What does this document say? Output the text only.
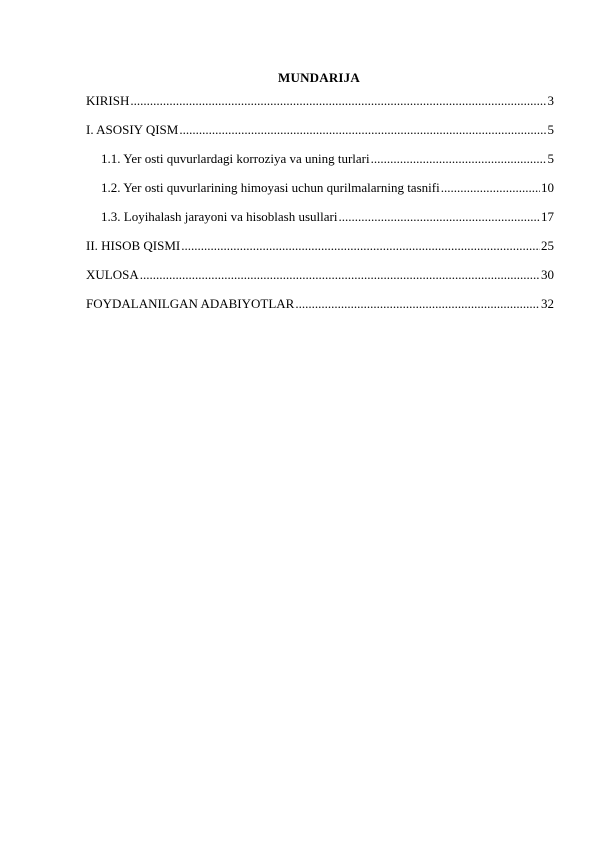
MUNDARIJA
KIRISH .....	3
I. ASOSIY QISM .....	5
1.1. Yer osti quvurlardagi korroziya va uning turlari .....	5
1.2. Yer osti quvurlarining himoyasi uchun qurilmalarning tasnifi .....	10
1.3. Loyihalash jarayoni va hisoblash usullari .....	17
II. HISOB QISMI .....	25
XULOSA .....	30
FOYDALANILGAN ADABIYOTLAR .....	32
